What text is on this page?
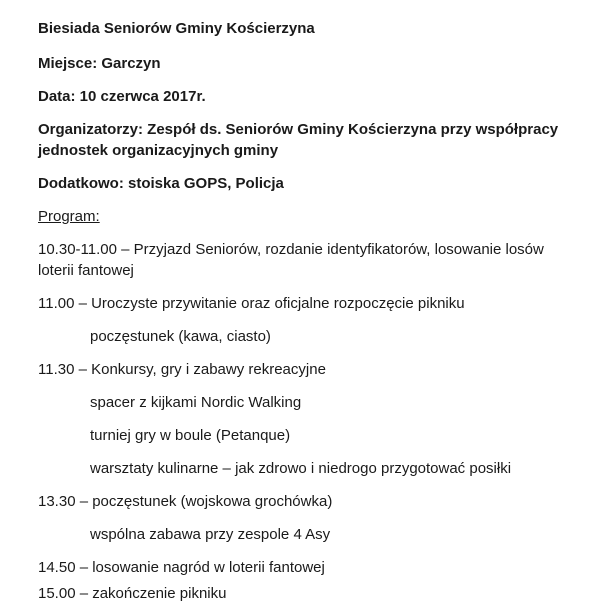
Biesiada Seniorów Gminy Kościerzyna
Miejsce: Garczyn
Data: 10 czerwca 2017r.
Organizatorzy: Zespół ds. Seniorów Gminy Kościerzyna przy współpracy
jednostek organizacyjnych gminy
Dodatkowo: stoiska GOPS, Policja
Program:
10.30-11.00 – Przyjazd Seniorów, rozdanie identyfikatorów, losowanie losów
loterii fantowej
11.00 – Uroczyste przywitanie oraz oficjalne rozpoczęcie pikniku
poczęstunek (kawa, ciasto)
11.30 – Konkursy, gry i zabawy rekreacyjne
spacer z kijkami Nordic Walking
turniej gry w boule (Petanque)
warsztaty kulinarne – jak zdrowo i niedrogo przygotować posiłki
13.30 – poczęstunek (wojskowa grochówka)
wspólna zabawa przy zespole 4 Asy
14.50 – losowanie nagród w loterii fantowej
15.00 – zakończenie pikniku
